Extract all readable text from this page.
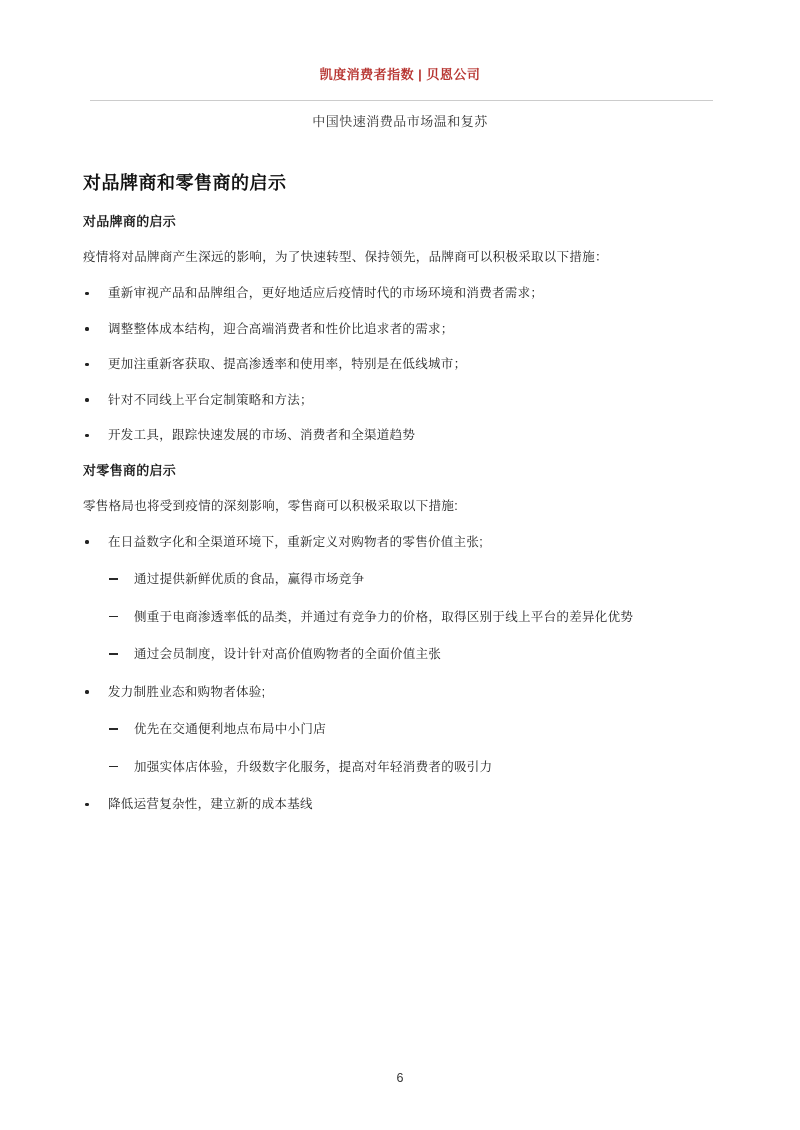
凯度消费者指数 | 贝恩公司
中国快速消费品市场温和复苏
对品牌商和零售商的启示
对品牌商的启示

疫情将对品牌商产生深远的影响，为了快速转型、保持领先，品牌商可以积极采取以下措施：

重新审视产品和品牌组合，更好地适应后疫情时代的市场环境和消费者需求；
调整整体成本结构，迎合高端消费者和性价比追求者的需求；
更加注重新客获取、提高渗透率和使用率，特别是在低线城市；
针对不同线上平台定制策略和方法；
开发工具，跟踪快速发展的市场、消费者和全渠道趋势
对零售商的启示

零售格局也将受到疫情的深刻影响，零售商可以积极采取以下措施:

在日益数字化和全渠道环境下，重新定义对购物者的零售价值主张;
通过提供新鲜优质的食品，赢得市场竞争
侧重于电商渗透率低的品类，并通过有竞争力的价格，取得区别于线上平台的差异化优势
通过会员制度，设计针对高价值购物者的全面价值主张
发力制胜业态和购物者体验;
优先在交通便利地点布局中小门店
加强实体店体验，升级数字化服务，提高对年轻消费者的吸引力
降低运营复杂性，建立新的成本基线
6
